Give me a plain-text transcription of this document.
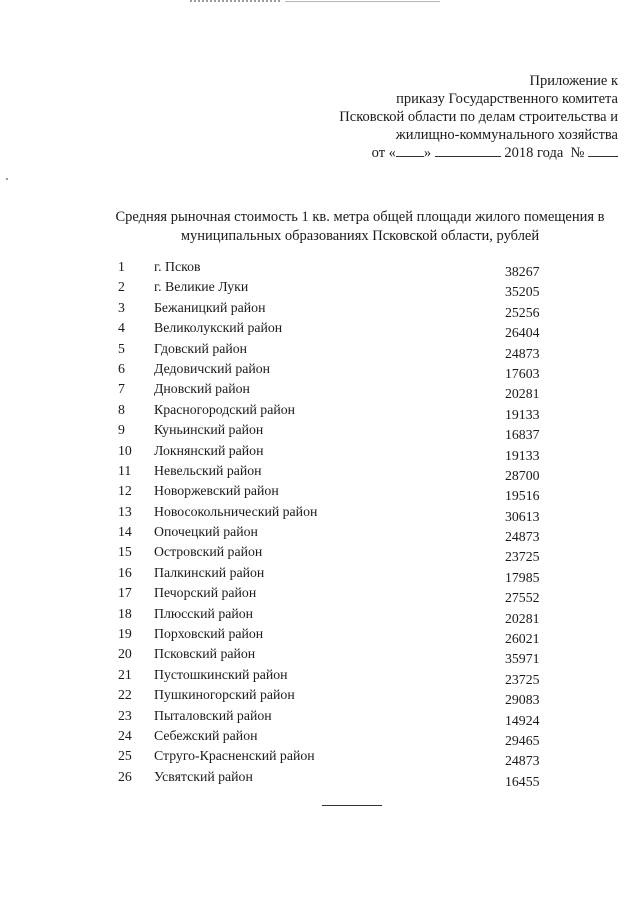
Приложение к
приказу Государственного комитета
Псковской области по делам строительства и
жилищно-коммунального хозяйства
от « »	2018 года №
Средняя рыночная стоимость 1 кв. метра общей площади жилого помещения в
муниципальных образованиях Псковской области, рублей
1 г. Псков	38267
2 г. Великие Луки	35205
3 Бежаницкий район	25256
4 Великолукский район	26404
5 Гдовский район	24873
6 Дедовичский район	17603
7 Дновский район	20281
8 Красногородский район	19133
9 Куньинский район	16837
10 Локнянский район	19133
11 Невельский район	28700
12 Новоржевский район	19516
13 Новосокольнический район	30613
14 Опочецкий район	24873
15 Островский район	23725
16 Палкинский район	17985
17 Печорский район	27552
18 Плюсский район	20281
19 Порховский район	26021
20 Псковский район	35971
21 Пустошкинский район	23725
22 Пушкиногорский район	29083
23 Пыталовский район	14924
24 Себежский район	29465
25 Струго-Красненский район	24873
26 Усвятский район	16455
